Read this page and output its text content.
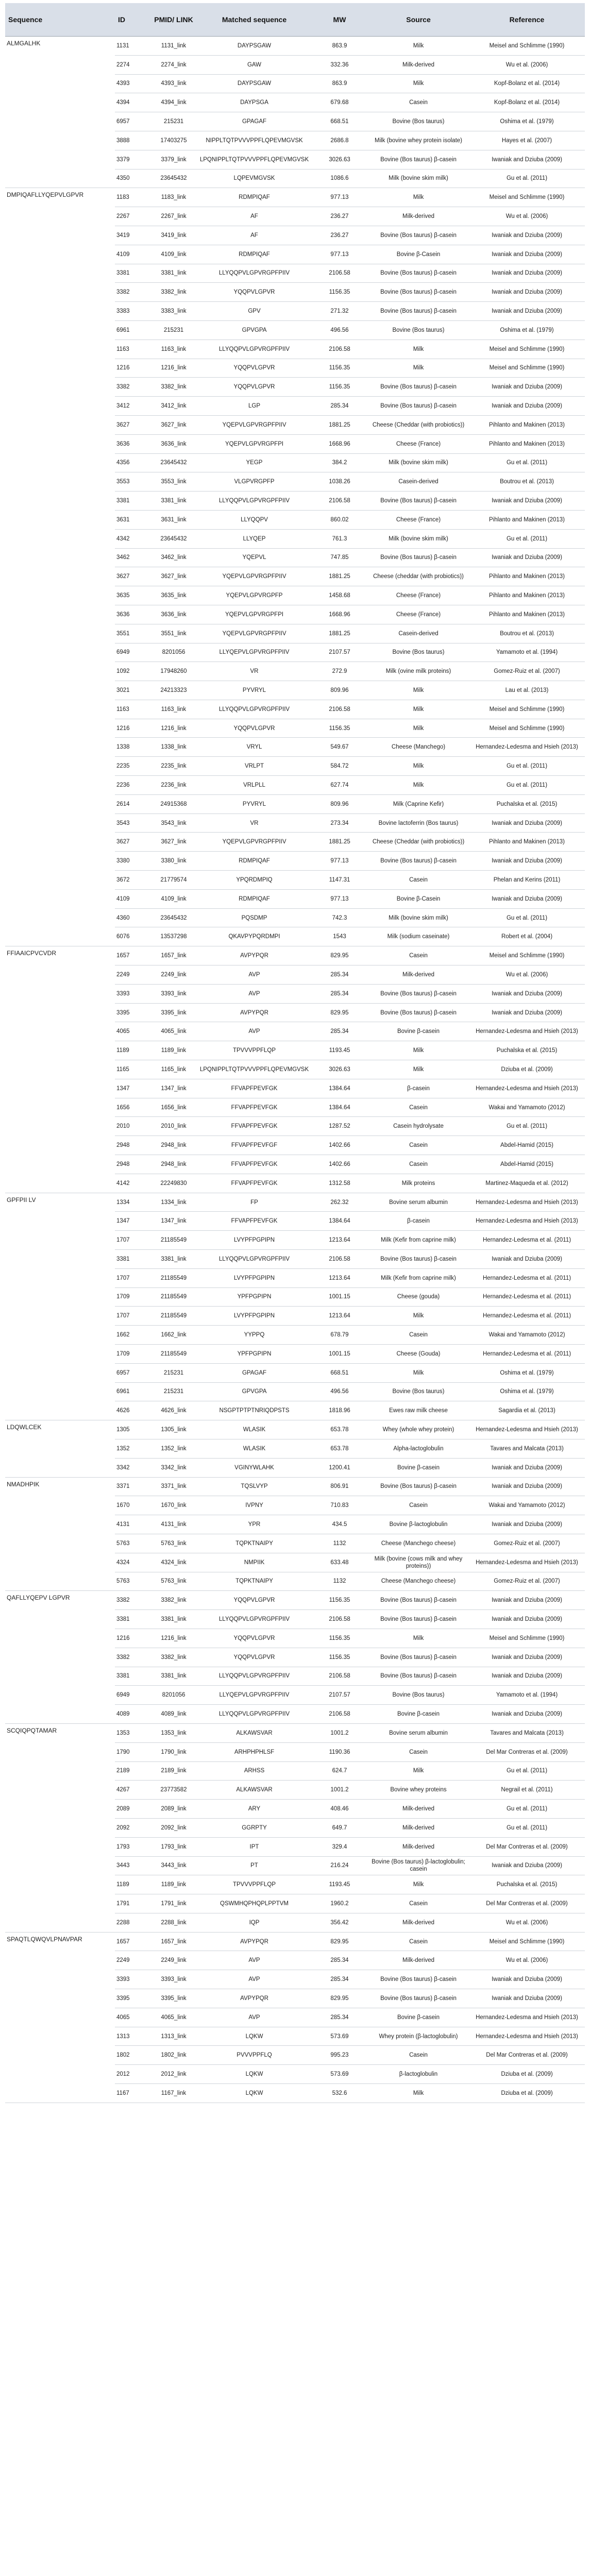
Sequence	ID	PMID/ LINK	Matched sequence	MW	Source	Reference
ALMGALHK	1131	1131_link	DAYPSGAW	863.9	Milk	Meisel and Schlimme (1990)
	2274	2274_link	GAW	332.36	Milk-derived	Wu et al. (2006)
	4393	4393_link	DAYPSGAW	863.9	Milk	Kopf-Bolanz et al. (2014)
	4394	4394_link	DAYPSGA	679.68	Casein	Kopf-Bolanz et al. (2014)
	6957	215231	GPAGAF	668.51	Bovine (Bos taurus)	Oshima et al. (1979)
	3888	17403275	NIPPLTQTPVVVPPFLQPEVMGVSK	2686.8	Milk (bovine whey protein isolate)	Hayes et al. (2007)
	3379	3379_link	LPQNIPPLTQTPVVVPPFLQPEVMGVSK	3026.63	Bovine (Bos taurus) β-casein	Iwaniak and Dziuba (2009)
	4350	23645432	LQPEVMGVSK	1086.6	Milk (bovine skim milk)	Gu et al. (2011)
DMPIQAFLLYQEPVLGPVR	1183	1183_link	RDMPIQAF	977.13	Milk	Meisel and Schlimme (1990)
	2267	2267_link	AF	236.27	Milk-derived	Wu et al. (2006)
	3419	3419_link	AF	236.27	Bovine (Bos taurus) β-casein	Iwaniak and Dziuba (2009)
	4109	4109_link	RDMPIQAF	977.13	Bovine β-Casein	Iwaniak and Dziuba (2009)
	3381	3381_link	LLYQQPVLGPVRGPFPIIV	2106.58	Bovine (Bos taurus) β-casein	Iwaniak and Dziuba (2009)
	3382	3382_link	YQQPVLGPVR	1156.35	Bovine (Bos taurus) β-casein	Iwaniak and Dziuba (2009)
	3383	3383_link	GPV	271.32	Bovine (Bos taurus) β-casein	Iwaniak and Dziuba (2009)
	6961	215231	GPVGPA	496.56	Bovine (Bos taurus)	Oshima et al. (1979)
	1163	1163_link	LLYQQPVLGPVRGPFPIIV	2106.58	Milk	Meisel and Schlimme (1990)
	1216	1216_link	YQQPVLGPVR	1156.35	Milk	Meisel and Schlimme (1990)
	3382	3382_link	YQQPVLGPVR	1156.35	Bovine (Bos taurus) β-casein	Iwaniak and Dziuba (2009)
	3412	3412_link	LGP	285.34	Bovine (Bos taurus) β-casein	Iwaniak and Dziuba (2009)
	3627	3627_link	YQEPVLGPVRGPFPIIV	1881.25	Cheese (Cheddar (with probiotics))	Pihlanto and Makinen (2013)
	3636	3636_link	YQEPVLGPVRGPFPI	1668.96	Cheese (France)	Pihlanto and Makinen (2013)
	4356	23645432	YEGP	384.2	Milk (bovine skim milk)	Gu et al. (2011)
	3553	3553_link	VLGPVRGPFP	1038.26	Casein-derived	Boutrou et al. (2013)
	3381	3381_link	LLYQQPVLGPVRGPFPIIV	2106.58	Bovine (Bos taurus) β-casein	Iwaniak and Dziuba (2009)
	3631	3631_link	LLYQQPV	860.02	Cheese (France)	Pihlanto and Makinen (2013)
	4342	23645432	LLYQEP	761.3	Milk (bovine skim milk)	Gu et al. (2011)
	3462	3462_link	YQEPVL	747.85	Bovine (Bos taurus) β-casein	Iwaniak and Dziuba (2009)
	3627	3627_link	YQEPVLGPVRGPFPIIV	1881.25	Cheese (cheddar (with probiotics))	Pihlanto and Makinen (2013)
	3635	3635_link	YQEPVLGPVRGPFP	1458.68	Cheese (France)	Pihlanto and Makinen (2013)
	3636	3636_link	YQEPVLGPVRGPFPI	1668.96	Cheese (France)	Pihlanto and Makinen (2013)
	3551	3551_link	YQEPVLGPVRGPFPIIV	1881.25	Casein-derived	Boutrou et al. (2013)
	6949	8201056	LLYQEPVLGPVRGPFPIIV	2107.57	Bovine (Bos taurus)	Yamamoto et al. (1994)
	1092	17948260	VR	272.9	Milk (ovine milk proteins)	Gomez-Ruiz et al. (2007)
	3021	24213323	PYVRYL	809.96	Milk	Lau et al. (2013)
	1163	1163_link	LLYQQPVLGPVRGPFPIIV	2106.58	Milk	Meisel and Schlimme (1990)
	1216	1216_link	YQQPVLGPVR	1156.35	Milk	Meisel and Schlimme (1990)
	1338	1338_link	VRYL	549.67	Cheese (Manchego)	Hernandez-Ledesma and Hsieh (2013)
	2235	2235_link	VRLPT	584.72	Milk	Gu et al. (2011)
	2236	2236_link	VRLPLL	627.74	Milk	Gu et al. (2011)
	2614	24915368	PYVRYL	809.96	Milk (Caprine Kefir)	Puchalska et al. (2015)
	3543	3543_link	VR	273.34	Bovine lactoferrin (Bos taurus)	Iwaniak and Dziuba (2009)
	3627	3627_link	YQEPVLGPVRGPFPIIV	1881.25	Cheese (Cheddar (with probiotics))	Pihlanto and Makinen (2013)
	3380	3380_link	RDMPIQAF	977.13	Bovine (Bos taurus) β-casein	Iwaniak and Dziuba (2009)
	3672	21779574	YPQRDMPIQ	1147.31	Casein	Phelan and Kerins (2011)
	4109	4109_link	RDMPIQAF	977.13	Bovine β-Casein	Iwaniak and Dziuba (2009)
	4360	23645432	PQSDMP	742.3	Milk (bovine skim milk)	Gu et al. (2011)
	6076	13537298	QKAVPYPQRDMPI	1543	Milk (sodium caseinate)	Robert et al. (2004)
FFIAAICPVCVDR	1657	1657_link	AVPYPQR	829.95	Casein	Meisel and Schlimme (1990)
	2249	2249_link	AVP	285.34	Milk-derived	Wu et al. (2006)
	3393	3393_link	AVP	285.34	Bovine (Bos taurus) β-casein	Iwaniak and Dziuba (2009)
	3395	3395_link	AVPYPQR	829.95	Bovine (Bos taurus) β-casein	Iwaniak and Dziuba (2009)
	4065	4065_link	AVP	285.34	Bovine β-casein	Hernandez-Ledesma and Hsieh (2013)
	1189	1189_link	TPVVVPPFLQP	1193.45	Milk	Puchalska et al. (2015)
	1165	1165_link	LPQNIPPLTQTPVVVPPFLQPEVMGVSK	3026.63	Milk	Dziuba et al. (2009)
	1347	1347_link	FFVAPFPEVFGK	1384.64	β-casein	Hernandez-Ledesma and Hsieh (2013)
	1656	1656_link	FFVAPFPEVFGK	1384.64	Casein	Wakai and Yamamoto (2012)
	2010	2010_link	FFVAPFPEVFGK	1287.52	Casein hydrolysate	Gu et al. (2011)
	2948	2948_link	FFVAPFPEVFGF	1402.66	Casein	Abdel-Hamid (2015)
	2948	2948_link	FFVAPFPEVFGK	1402.66	Casein	Abdel-Hamid (2015)
	4142	22249830	FFVAPFPEVFGK	1312.58	Milk proteins	Martinez-Maqueda et al. (2012)
GPFPII LV	1334	1334_link	FP	262.32	Bovine serum albumin	Hernandez-Ledesma and Hsieh (2013)
	1347	1347_link	FFVAPFPEVFGK	1384.64	β-casein	Hernandez-Ledesma and Hsieh (2013)
	1707	21185549	LVYPFPGPIPN	1213.64	Milk (Kefir from caprine milk)	Hernandez-Ledesma et al. (2011)
	3381	3381_link	LLYQQPVLGPVRGPFPIIV	2106.58	Bovine (Bos taurus) β-casein	Iwaniak and Dziuba (2009)
	1707	21185549	LVYPFPGPIPN	1213.64	Milk (Kefir from caprine milk)	Hernandez-Ledesma et al. (2011)
	1709	21185549	YPFPGPIPN	1001.15	Cheese (gouda)	Hernandez-Ledesma et al. (2011)
	1707	21185549	LVYPFPGPIPN	1213.64	Milk	Hernandez-Ledesma et al. (2011)
	1662	1662_link	YYPPQ	678.79	Casein	Wakai and Yamamoto (2012)
	1709	21185549	YPFPGPIPN	1001.15	Cheese (Gouda)	Hernandez-Ledesma et al. (2011)
	6957	215231	GPAGAF	668.51	Milk	Oshima et al. (1979)
	6961	215231	GPVGPA	496.56	Bovine (Bos taurus)	Oshima et al. (1979)
	4626	4626_link	NSGPTPTPTNRIQDPSTS	1818.96	Ewes raw milk cheese	Sagardia et al. (2013)
LDQWLCEK	1305	1305_link	WLASIK	653.78	Whey (whole whey protein)	Hernandez-Ledesma and Hsieh (2013)
	1352	1352_link	WLASIK	653.78	Alpha-lactoglobulin	Tavares and Malcata (2013)
	3342	3342_link	VGINYWLAHK	1200.41	Bovine β-casein	Iwaniak and Dziuba (2009)
NMADHPIK	3371	3371_link	TQSLVYP	806.91	Bovine (Bos taurus) β-casein	Iwaniak and Dziuba (2009)
	1670	1670_link	IVPNY	710.83	Casein	Wakai and Yamamoto (2012)
	4131	4131_link	YPR	434.5	Bovine β-lactoglobulin	Iwaniak and Dziuba (2009)
	5763	5763_link	TQPKTNAIPY	1132	Cheese (Manchego cheese)	Gomez-Ruiz et al. (2007)
	4324	4324_link	NMPIIK	633.48	Milk (bovine (cows milk and whey proteins))	Hernandez-Ledesma and Hsieh (2013)
	5763	5763_link	TQPKTNAIPY	1132	Cheese (Manchego cheese)	Gomez-Ruiz et al. (2007)
QAFLLYQEPV LGPVR	3382	3382_link	YQQPVLGPVR	1156.35	Bovine (Bos taurus) β-casein	Iwaniak and Dziuba (2009)
	3381	3381_link	LLYQQPVLGPVRGPFPIIV	2106.58	Bovine (Bos taurus) β-casein	Iwaniak and Dziuba (2009)
	1216	1216_link	YQQPVLGPVR	1156.35	Milk	Meisel and Schlimme (1990)
	3382	3382_link	YQQPVLGPVR	1156.35	Bovine (Bos taurus) β-casein	Iwaniak and Dziuba (2009)
	3381	3381_link	LLYQQPVLGPVRGPFPIIV	2106.58	Bovine (Bos taurus) β-casein	Iwaniak and Dziuba (2009)
	6949	8201056	LLYQEPVLGPVRGPFPIIV	2107.57	Bovine (Bos taurus)	Yamamoto et al. (1994)
	4089	4089_link	LLYQQPVLGPVRGPFPIIV	2106.58	Bovine β-casein	Iwaniak and Dziuba (2009)
SCQIQPQTAMAR	1353	1353_link	ALKAWSVAR	1001.2	Bovine serum albumin	Tavares and Malcata (2013)
	1790	1790_link	ARHPHPHLSF	1190.36	Casein	Del Mar Contreras et al. (2009)
	2189	2189_link	ARHSS	624.7	Milk	Gu et al. (2011)
	4267	23773582	ALKAWSVAR	1001.2	Bovine whey proteins	Negrail et al. (2011)
	2089	2089_link	ARY	408.46	Milk-derived	Gu et al. (2011)
	2092	2092_link	GGRPTY	649.7	Milk-derived	Gu et al. (2011)
	1793	1793_link	IPT	329.4	Milk-derived	Del Mar Contreras et al. (2009)
	3443	3443_link	PT	216.24	Bovine (Bos taurus) β-lactoglobulin; casein	Iwaniak and Dziuba (2009)
	1189	1189_link	TPVVVPPFLQP	1193.45	Milk	Puchalska et al. (2015)
	1791	1791_link	QSWMHQPHQPLPPTVM	1960.2	Casein	Del Mar Contreras et al. (2009)
	2288	2288_link	IQP	356.42	Milk-derived	Wu et al. (2006)
SPAQTLQWQVLPNAVPAR	1657	1657_link	AVPYPQR	829.95	Casein	Meisel and Schlimme (1990)
	2249	2249_link	AVP	285.34	Milk-derived	Wu et al. (2006)
	3393	3393_link	AVP	285.34	Bovine (Bos taurus) β-casein	Iwaniak and Dziuba (2009)
	3395	3395_link	AVPYPQR	829.95	Bovine (Bos taurus) β-casein	Iwaniak and Dziuba (2009)
	4065	4065_link	AVP	285.34	Bovine β-casein	Hernandez-Ledesma and Hsieh (2013)
	1313	1313_link	LQKW	573.69	Whey protein (β-lactoglobulin)	Hernandez-Ledesma and Hsieh (2013)
	1802	1802_link	PVVVPPFLQ	995.23	Casein	Del Mar Contreras et al. (2009)
	2012	2012_link	LQKW	573.69	β-lactoglobulin	Dziuba et al. (2009)
	1167	1167_link	LQKW	532.6	Milk	Dziuba et al. (2009)
